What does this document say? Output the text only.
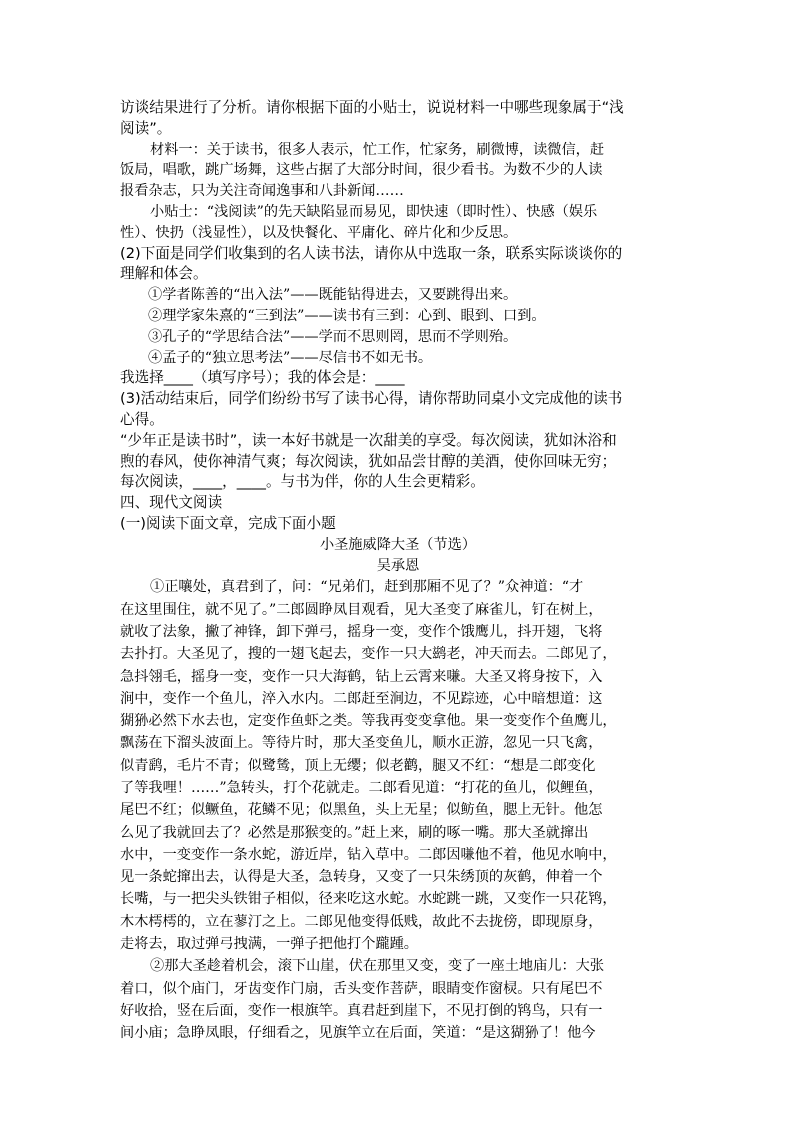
访谈结果进行了分析。请你根据下面的小贴士，说说材料一中哪些现象属于“浅

阅读”。

材料一：关于读书，很多人表示，忙工作，忙家务，刷微博，读微信，赶

饭局，唱歌，跳广场舞，这些占据了大部分时间，很少看书。为数不少的人读

报看杂志，只为关注奇闻逸事和八卦新闻……

小贴士：“浅阅读”的先天缺陷显而易见，即快速（即时性）、快感（娱乐

性）、快扔（浅显性），以及快餐化、平庸化、碎片化和少反思。

(2)下面是同学们收集到的名人读书法，请你从中选取一条，联系实际谈谈你的

理解和体会。

①学者陈善的“出入法”——既能钻得进去，又要跳得出来。

②理学家朱熹的“三到法”——读书有三到：心到、眼到、口到。

③孔子的“学思结合法”——学而不思则罔，思而不学则殆。

④孟子的“独立思考法”——尽信书不如无书。

我选择____（填写序号）；我的体会是：____

(3)活动结束后，同学们纷纷书写了读书心得，请你帮助同桌小文完成他的读书

心得。

“少年正是读书时”，读一本好书就是一次甜美的享受。每次阅读，犹如沐浴和

煦的春风，使你神清气爽；每次阅读，犹如品尝甘醇的美酒，使你回味无穷；

每次阅读，____，____。与书为伴，你的人生会更精彩。

四、现代文阅读

(一)阅读下面文章，完成下面小题

小圣施威降大圣（节选）

吴承恩

①正嚷处，真君到了，问：“兄弟们，赶到那厢不见了？”众神道：“才

在这里围住，就不见了。”二郎圆睁凤目观看，见大圣变了麻雀儿，钉在树上，

就收了法象，撇了神锋，卸下弹弓，摇身一变，变作个饿鹰儿，抖开翅，飞将

去扑打。大圣见了，搜的一翅飞起去，变作一只大鹚老，冲天而去。二郎见了，

急抖翎毛，摇身一变，变作一只大海鹤，钻上云霄来嗛。大圣又将身按下，入

涧中，变作一个鱼儿，淬入水内。二郎赶至涧边，不见踪迹，心中暗想道：这

猢狲必然下水去也，定变作鱼虾之类。等我再变变拿他。果一变变作个鱼鹰儿，

飘荡在下溜头波面上。等待片时，那大圣变鱼儿，顺水正游，忽见一只飞禽，

似青鹞，毛片不青；似鹭鸶，顶上无缨；似老鹳，腿又不红：“想是二郎变化

了等我哩！……”急转头，打个花就走。二郎看见道：“打花的鱼儿，似鲤鱼，

尾巴不红；似鳜鱼，花鳞不见；似黑鱼，头上无星；似鲂鱼，腮上无针。他怎

么见了我就回去了？必然是那猴变的。”赶上来，刷的啄一嘴。那大圣就撺出

水中，一变变作一条水蛇，游近岸，钻入草中。二郎因嗛他不着，他见水响中，

见一条蛇撺出去，认得是大圣，急转身，又变了一只朱绣顶的灰鹤，伸着一个

长嘴，与一把尖头铁钳子相似，径来吃这水蛇。水蛇跳一跳，又变作一只花鸨，

木木樗樗的，立在蓼汀之上。二郎见他变得低贱，故此不去拢傍，即现原身，

走将去，取过弹弓拽满，一弹子把他打个躘踵。

②那大圣趁着机会，滚下山崖，伏在那里又变，变了一座土地庙儿：大张

着口，似个庙门，牙齿变作门扇，舌头变作菩萨，眼睛变作窗棂。只有尾巴不

好收拾，竖在后面，变作一根旗竿。真君赶到崖下，不见打倒的鸨鸟，只有一

间小庙；急睁凤眼，仔细看之，见旗竿立在后面，笑道：“是这猢狲了！他今
